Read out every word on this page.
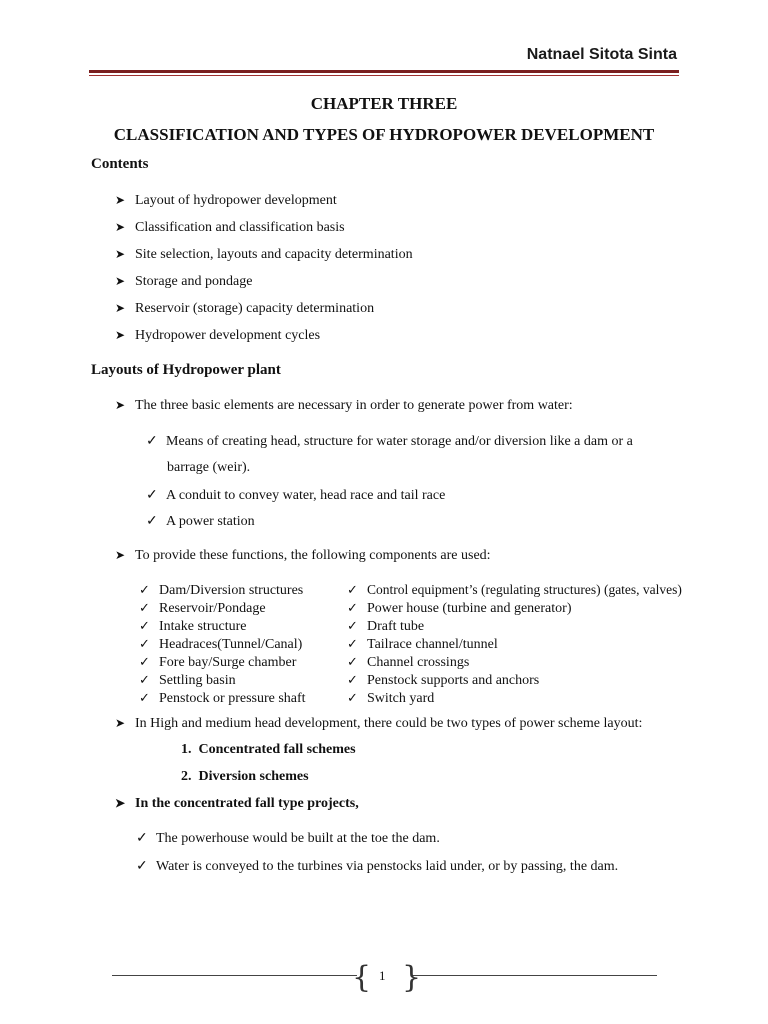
Natnael Sitota Sinta
CHAPTER THREE
CLASSIFICATION AND TYPES OF HYDROPOWER DEVELOPMENT
Contents
➤ Layout of hydropower development
➤ Classification and classification basis
➤ Site selection, layouts and capacity determination
➤ Storage and pondage
➤ Reservoir (storage) capacity determination
➤ Hydropower development cycles
Layouts of Hydropower plant
➤ The three basic elements are necessary in order to generate power from water:
✓ Means of creating head, structure for water storage and/or diversion like a dam or a
barrage (weir).
✓ A conduit to convey water, head race and tail race
✓ A power station
➤ To provide these functions, the following components are used:
✓ Dam/Diversion structures
✓ Reservoir/Pondage
✓ Intake structure
✓ Headraces(Tunnel/Canal)
✓ Fore bay/Surge chamber
✓ Settling basin
✓ Penstock or pressure shaft
✓ Control equipment’s (regulating structures) (gates, valves)
✓ Power house (turbine and generator)
✓ Draft tube
✓ Tailrace channel/tunnel
✓ Channel crossings
✓ Penstock supports and anchors
✓ Switch yard
➤ In High and medium head development, there could be two types of power scheme layout:
1.  Concentrated fall schemes
2.  Diversion schemes
➤ In the concentrated fall type projects,
✓ The powerhouse would be built at the toe the dam.
✓ Water is conveyed to the turbines via penstocks laid under, or by passing, the dam.
{ }
1
